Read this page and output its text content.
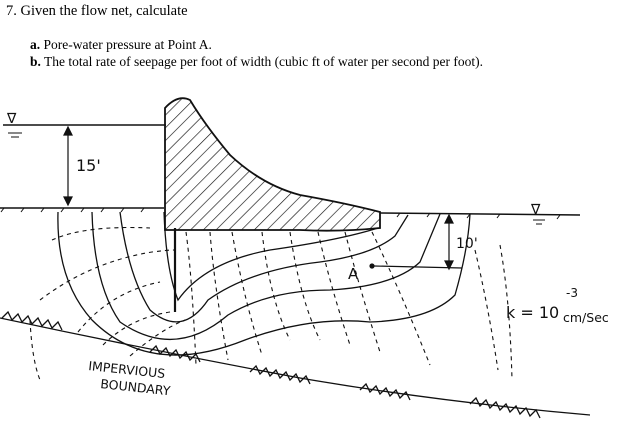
7. Given the flow net, calculate
a. Pore-water pressure at Point A.
b. The total rate of seepage per foot of width (cubic ft of water per second per foot).
∇
15'
∇
A
10'
IMPERVIOUS
BOUNDARY
-3
k = 10 cm/Sec
